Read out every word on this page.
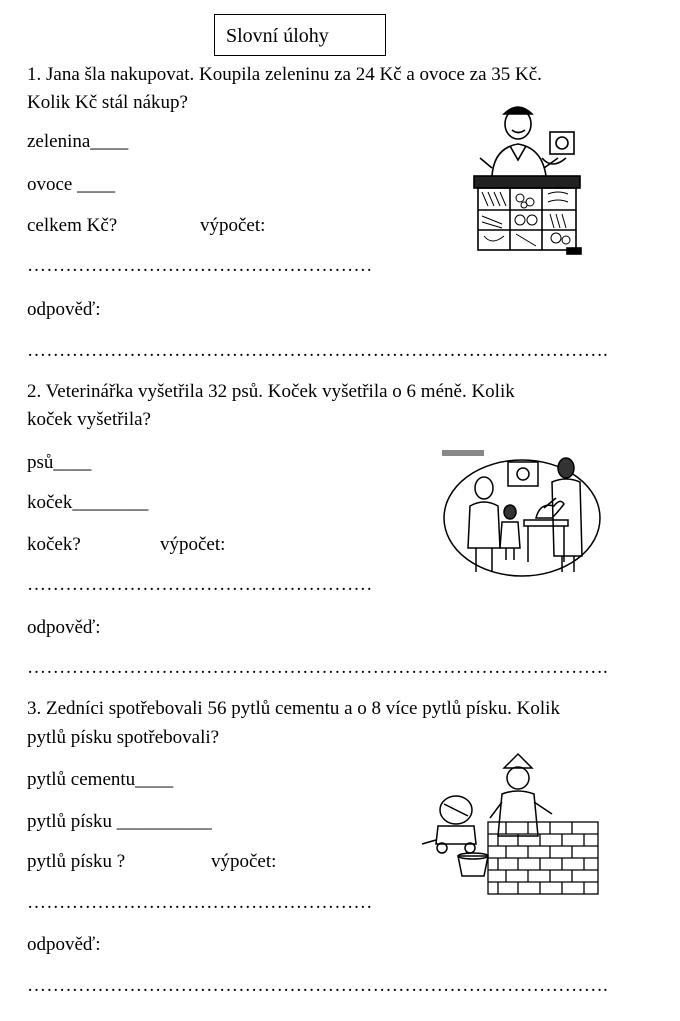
Slovní úlohy
1. Jana šla nakupovat. Koupila zeleninu za 24 Kč a ovoce za 35 Kč.
Kolik Kč stál nákup?
zelenina____
ovoce ____
celkem Kč?	výpočet:
………………………………………………
odpověď:
……………………………………………………………………………….
2. Veterinářka vyšetřila 32 psů. Koček vyšetřila o 6 méně. Kolik
koček vyšetřila?
psů____
koček________
koček?	výpočet:
………………………………………………
odpověď:
……………………………………………………………………………….
3. Zedníci spotřebovali 56 pytlů cementu a o 8 více pytlů písku. Kolik
pytlů písku spotřebovali?
pytlů cementu____
pytlů písku __________
pytlů písku ?	výpočet:
………………………………………………
odpověď:
……………………………………………………………………………….
